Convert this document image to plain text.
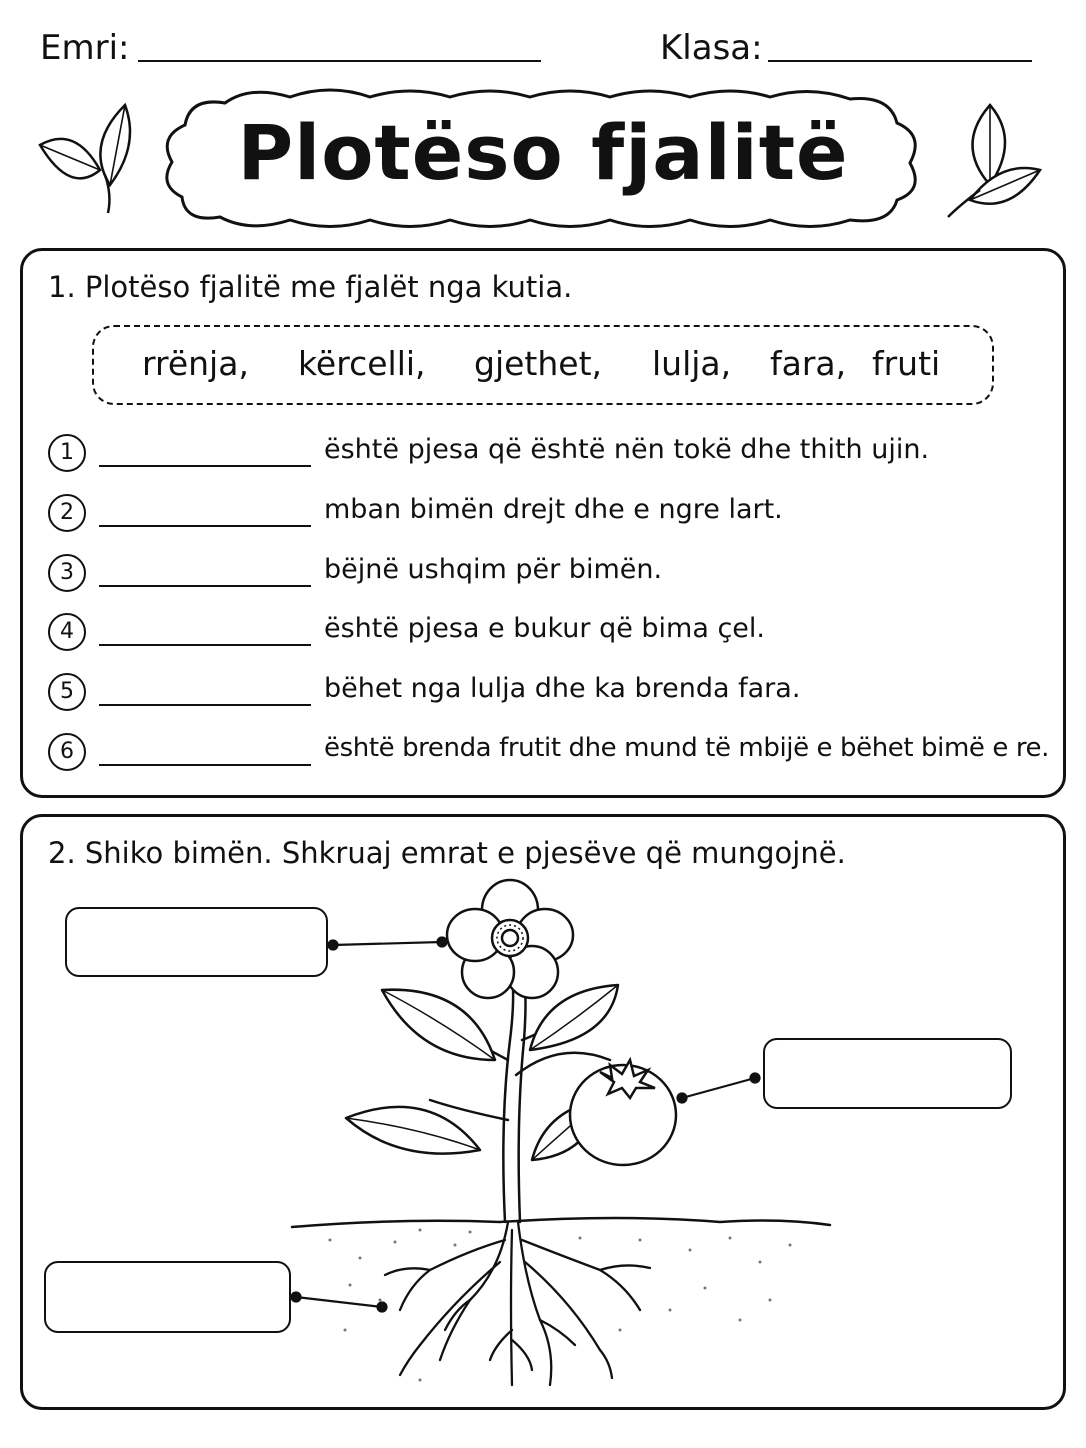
Emri:	Klasa:
Plotëso fjalitë
1. Plotëso fjalitë me fjalët nga kutia.
rrënja, kërcelli, gjethet, lulja, fara, fruti
1	është pjesa që është nën tokë dhe thith ujin.
2	mban bimën drejt dhe e ngre lart.
3	bëjnë ushqim për bimën.
4	është pjesa e bukur që bima çel.
5	bëhet nga lulja dhe ka brenda fara.
6	është brenda frutit dhe mund të mbijë e bëhet bimë e re.
2. Shiko bimën. Shkruaj emrat e pjesëve që mungojnë.
